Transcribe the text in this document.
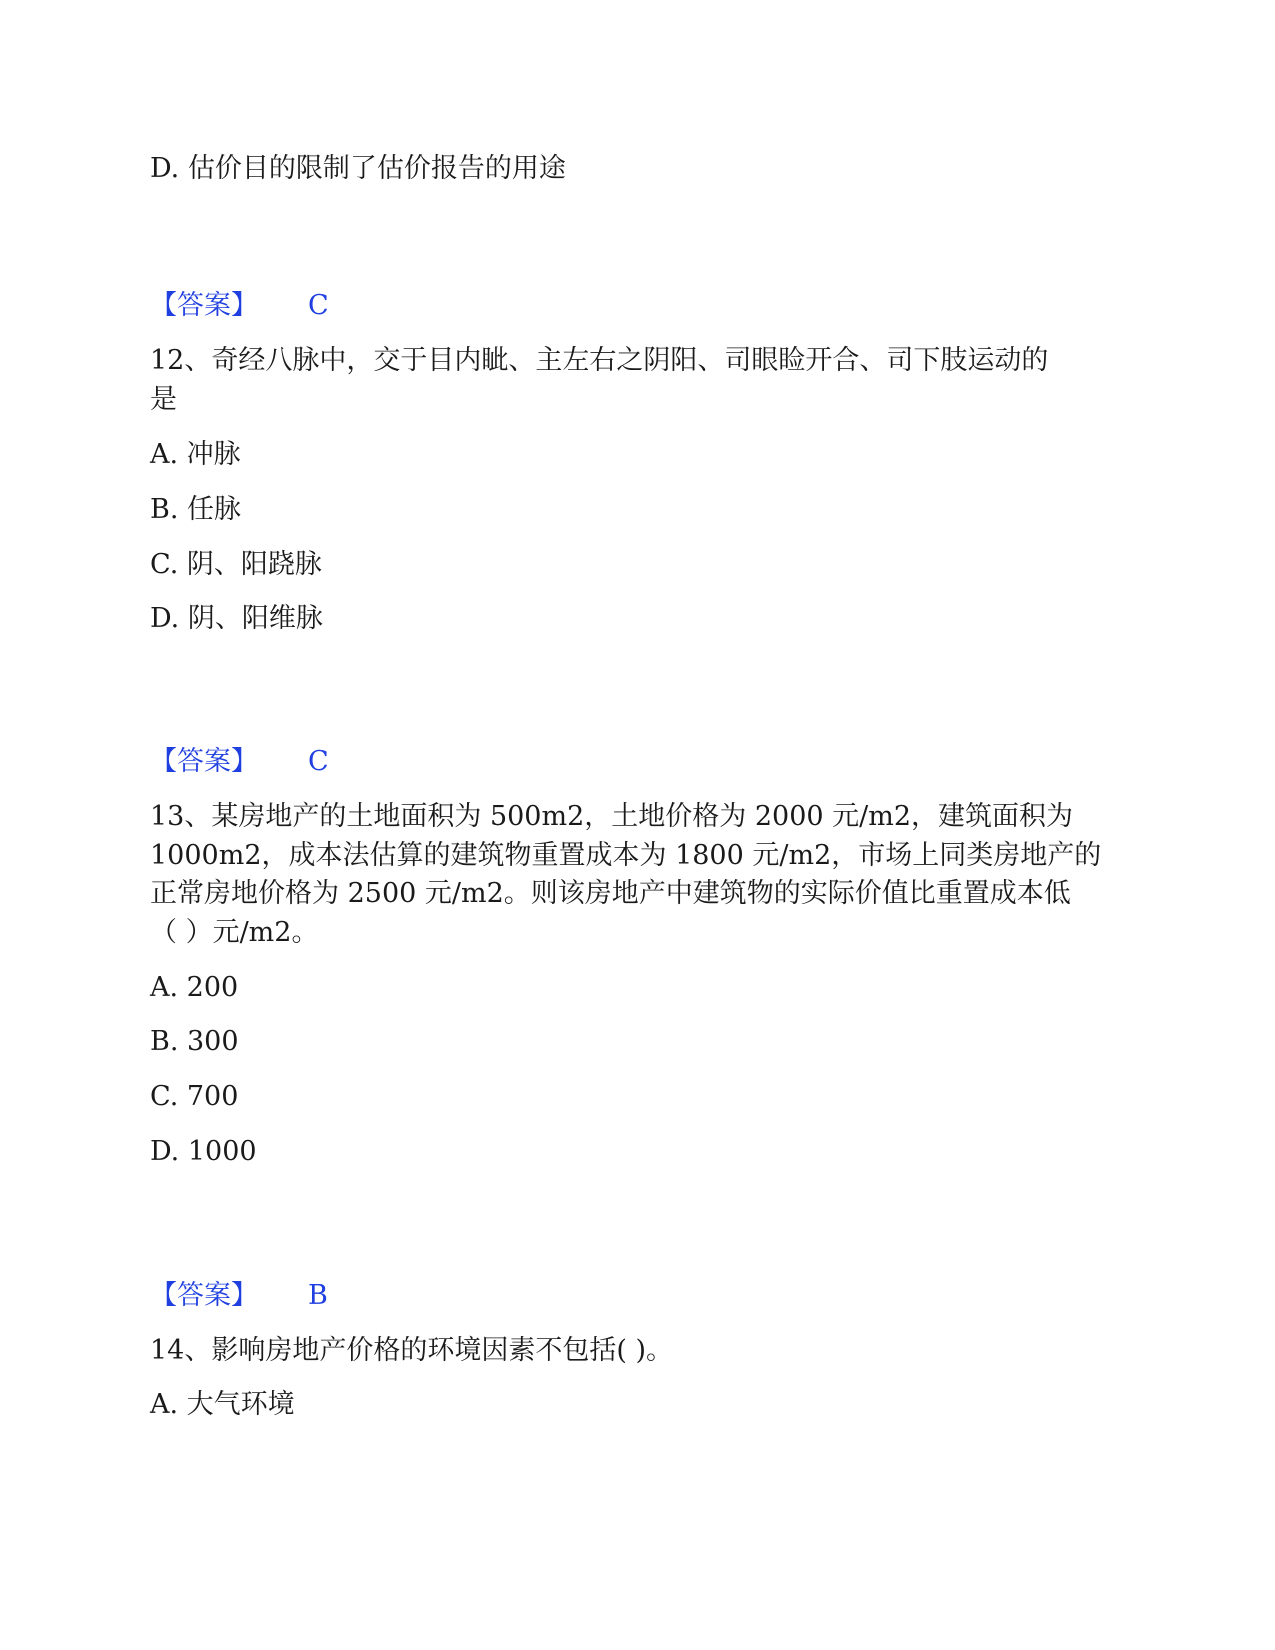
D. 估价目的限制了估价报告的用途
【答案】 C
12、奇经八脉中，交于目内眦、主左右之阴阳、司眼睑开合、司下肢运动的
是
A. 冲脉
B. 任脉
C. 阴、阳跷脉
D. 阴、阳维脉
【答案】 C
13、某房地产的土地面积为 500m2，土地价格为 2000 元/m2，建筑面积为
1000m2，成本法估算的建筑物重置成本为 1800 元/m2，市场上同类房地产的
正常房地价格为 2500 元/m2。则该房地产中建筑物的实际价值比重置成本低
（ ）元/m2。
A. 200
B. 300
C. 700
D. 1000
【答案】 B
14、影响房地产价格的环境因素不包括( )。
A. 大气环境
